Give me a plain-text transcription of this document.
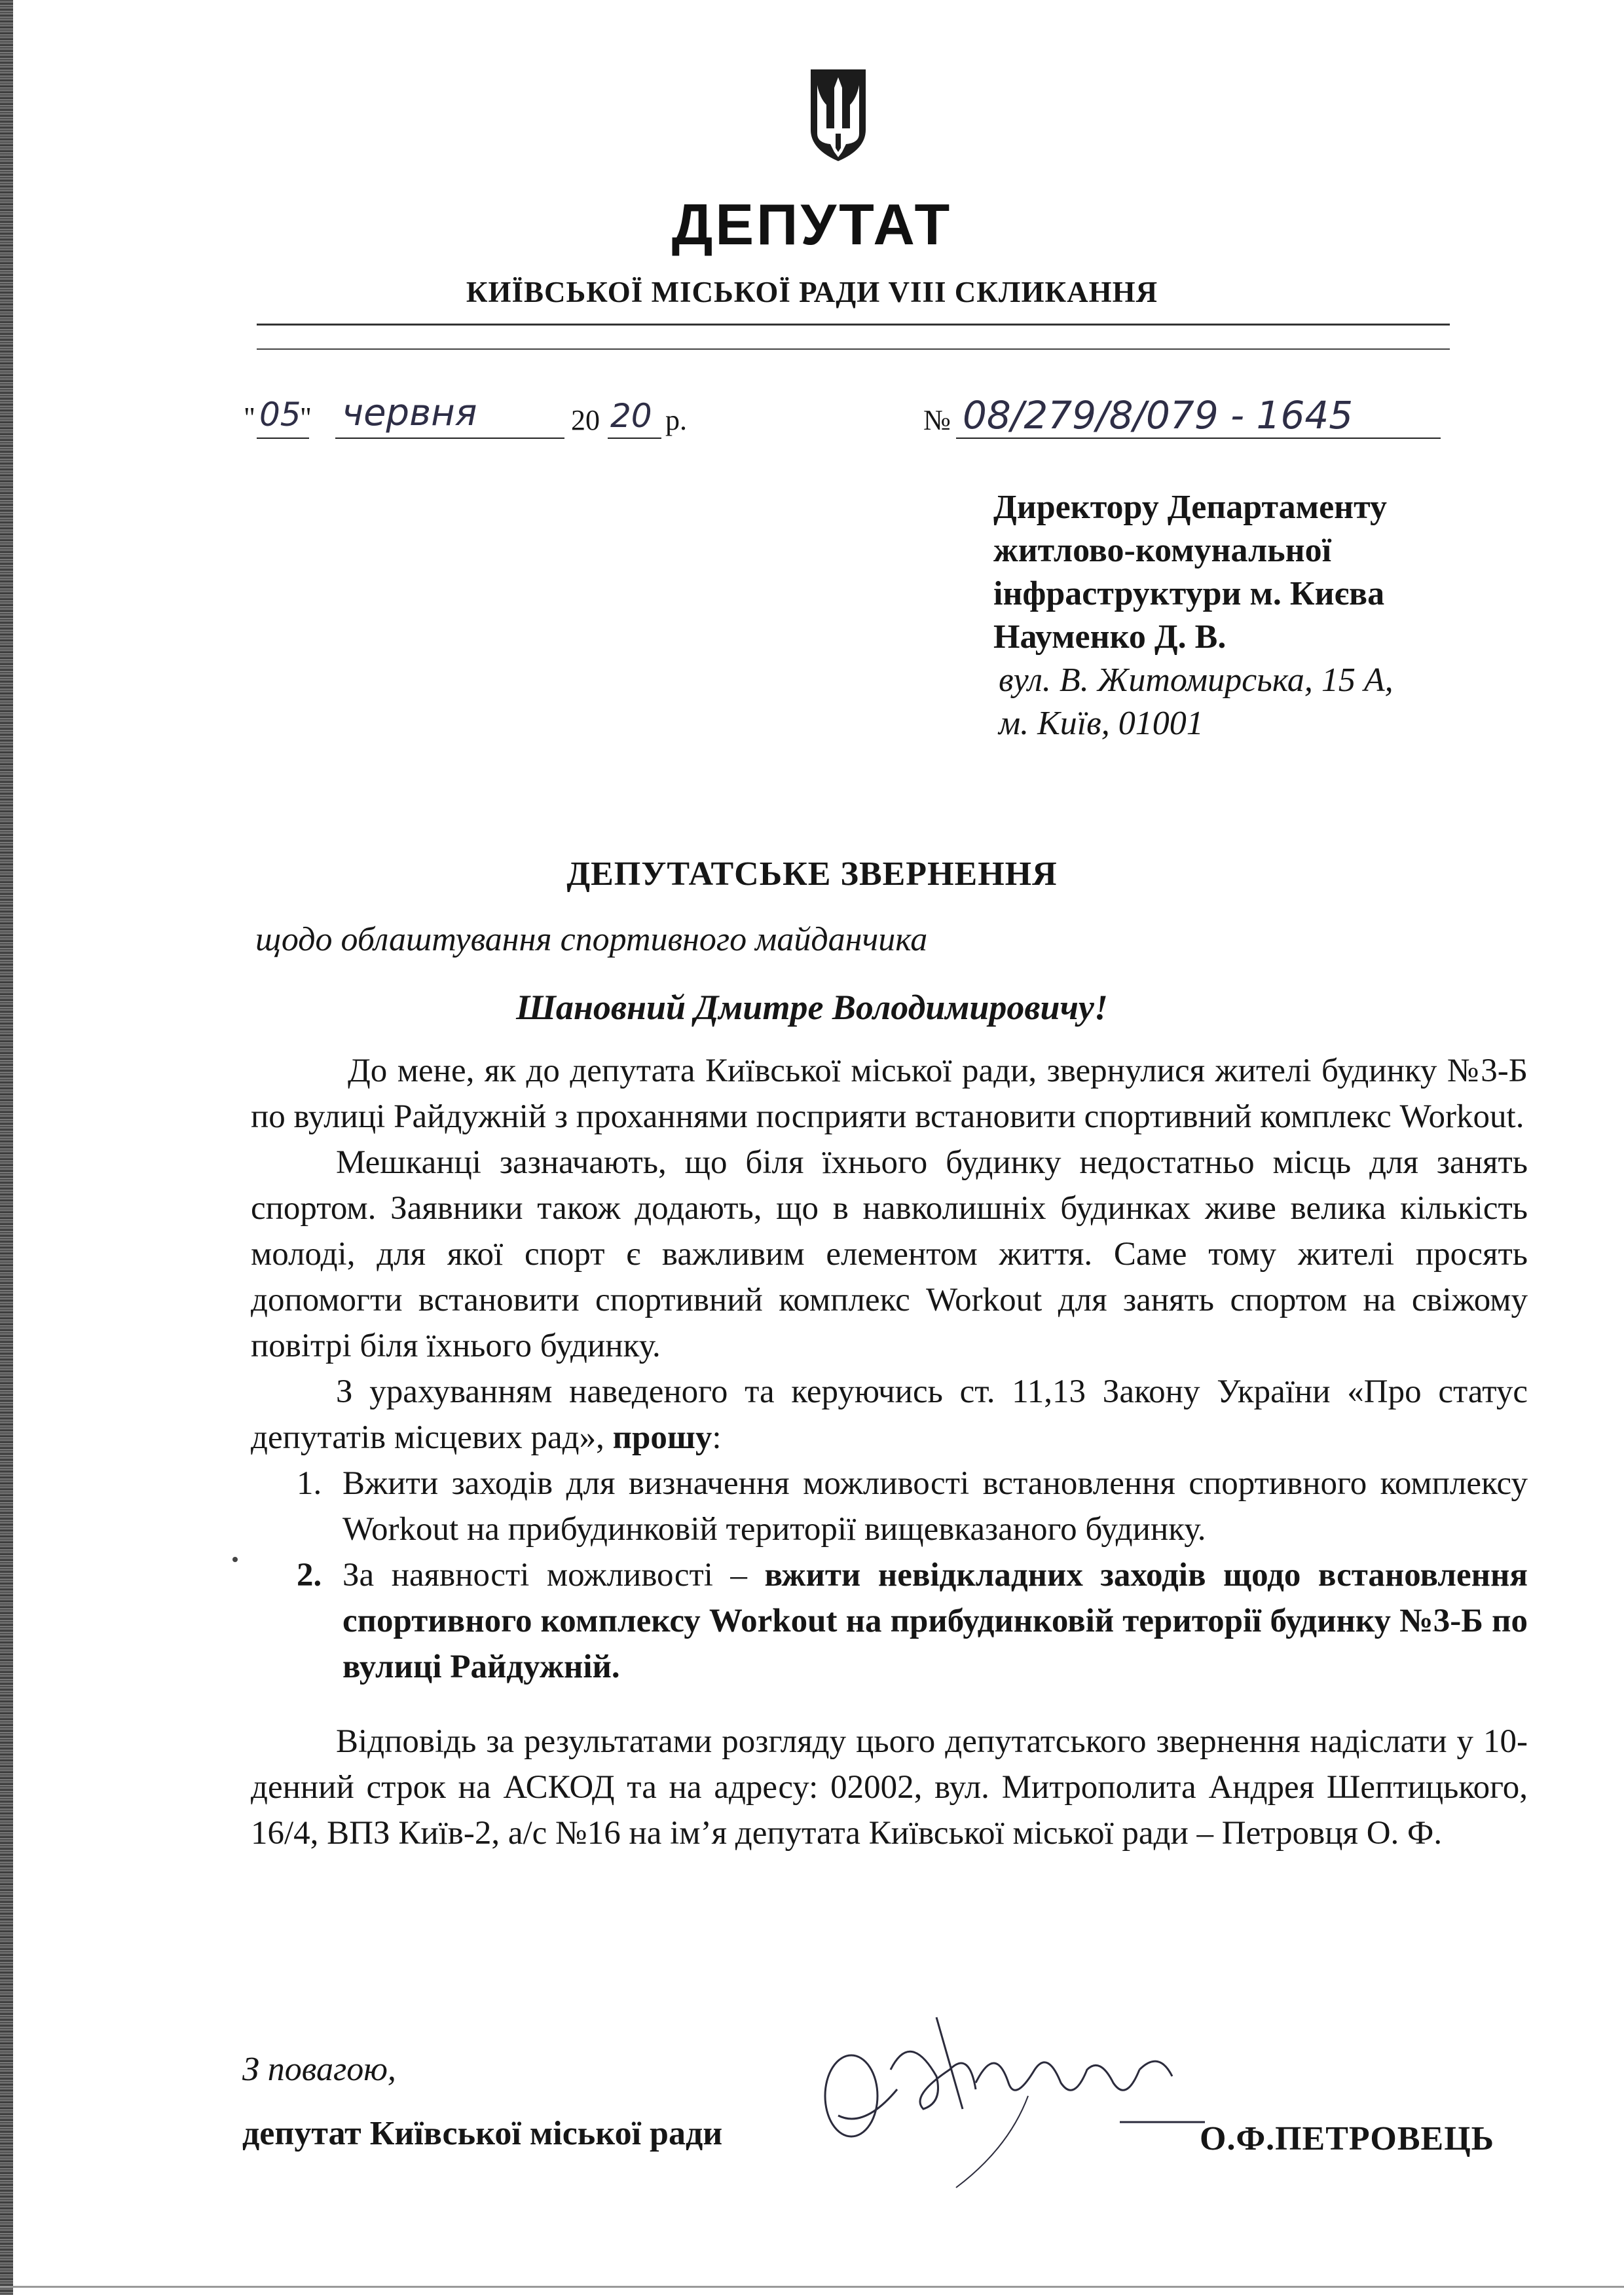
ДЕПУТАТ
КИЇВСЬКОЇ МІСЬКОЇ РАДИ VIII СКЛИКАННЯ
" 05
" червня	20 20 р.	№ 08/279/8/079 - 1645
Директору Департаменту
житлово-комунальної
інфраструктури м. Києва
Науменко Д. В.
вул. В. Житомирська, 15 А,
м. Київ, 01001
ДЕПУТАТСЬКЕ ЗВЕРНЕННЯ
щодо облаштування спортивного майданчика
Шановний Дмитре Володимировичу!

До мене, як до депутата Київської міської ради, звернулися жителі будинку №3-Б по вулиці Райдужній з проханнями посприяти встановити спортивний комплекс Workout.

Мешканці зазначають, що біля їхнього будинку недостатньо місць для занять спортом. Заявники також додають, що в навколишніх будинках живе велика кількість молоді, для якої спорт є важливим елементом життя. Саме тому жителі просять допомогти встановити спортивний комплекс Workout для занять спортом на свіжому повітрі біля їхнього будинку.

З урахуванням наведеного та керуючись ст. 11,13 Закону України «Про статус депутатів місцевих рад», прошу:

1. Вжити заходів для визначення можливості встановлення спортивного комплексу Workout на прибудинковій території вищевказаного будинку.
2. За наявності можливості – вжити невідкладних заходів щодо встановлення спортивного комплексу Workout на прибудинковій території будинку №3-Б по вулиці Райдужній.

Відповідь за результатами розгляду цього депутатського звернення надіслати у 10-денний строк на АСКОД та на адресу: 02002, вул. Митрополита Андрея Шептицького, 16/4, ВПЗ Київ-2, а/с №16 на ім’я депутата Київської міської ради – Петровця О. Ф.

З повагою,
депутат Київської міської ради	О.Ф.ПЕТРОВЕЦЬ
